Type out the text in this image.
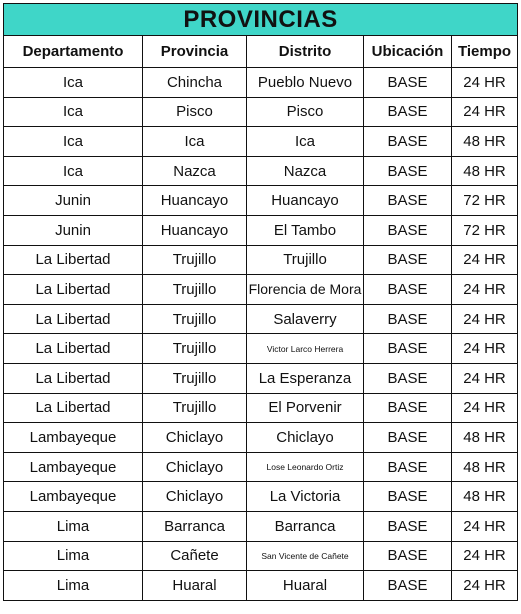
PROVINCIAS				
Departamento	Provincia	Distrito	Ubicación	Tiempo
Ica	Chincha	Pueblo Nuevo	BASE	24 HR
Ica	Pisco	Pisco	BASE	24 HR
Ica	Ica	Ica	BASE	48 HR
Ica	Nazca	Nazca	BASE	48 HR
Junin	Huancayo	Huancayo	BASE	72 HR
Junin	Huancayo	El Tambo	BASE	72 HR
La Libertad	Trujillo	Trujillo	BASE	24 HR
La Libertad	Trujillo	Florencia de Mora	BASE	24 HR
La Libertad	Trujillo	Salaverry	BASE	24 HR
La Libertad	Trujillo	Victor Larco Herrera	BASE	24 HR
La Libertad	Trujillo	La Esperanza	BASE	24 HR
La Libertad	Trujillo	El Porvenir	BASE	24 HR
Lambayeque	Chiclayo	Chiclayo	BASE	48 HR
Lambayeque	Chiclayo	Lose Leonardo Ortiz	BASE	48 HR
Lambayeque	Chiclayo	La Victoria	BASE	48 HR
Lima	Barranca	Barranca	BASE	24 HR
Lima	Cañete	San Vicente de Cañete	BASE	24 HR
Lima	Huaral	Huaral	BASE	24 HR
